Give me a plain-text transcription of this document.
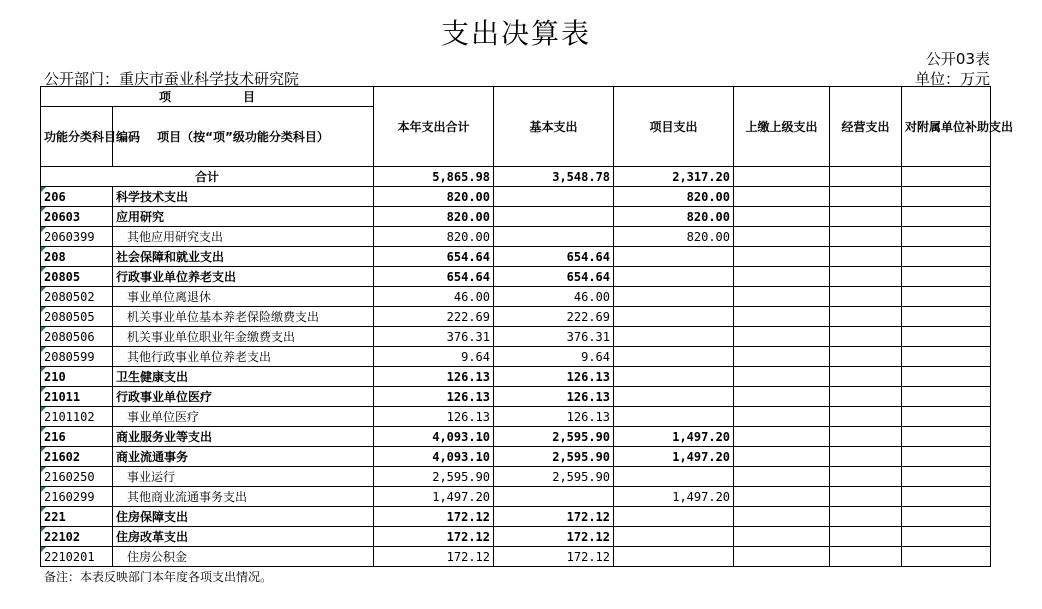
支出决算表
公开03表
公开部门：重庆市蚕业科学技术研究院	单位：万元
项　　　　　　目		本年支出合计	基本支出	项目支出	上缴上级支出	经营支出	对附属单位补助支出
功能分类科目编码	项目（按“项”级功能分类科目）						
合计		5,865.98	3,548.78	2,317.20			
206	科学技术支出	820.00		820.00			
20603	应用研究	820.00		820.00			
2060399	其他应用研究支出	820.00		820.00			
208	社会保障和就业支出	654.64	654.64				
20805	行政事业单位养老支出	654.64	654.64				
2080502	事业单位离退休	46.00	46.00				
2080505	机关事业单位基本养老保险缴费支出	222.69	222.69				
2080506	机关事业单位职业年金缴费支出	376.31	376.31				
2080599	其他行政事业单位养老支出	9.64	9.64				
210	卫生健康支出	126.13	126.13				
21011	行政事业单位医疗	126.13	126.13				
2101102	事业单位医疗	126.13	126.13				
216	商业服务业等支出	4,093.10	2,595.90	1,497.20			
21602	商业流通事务	4,093.10	2,595.90	1,497.20			
2160250	事业运行	2,595.90	2,595.90				
2160299	其他商业流通事务支出	1,497.20		1,497.20			
221	住房保障支出	172.12	172.12				
22102	住房改革支出	172.12	172.12				
2210201	住房公积金	172.12	172.12				
备注：本表反映部门本年度各项支出情况。
